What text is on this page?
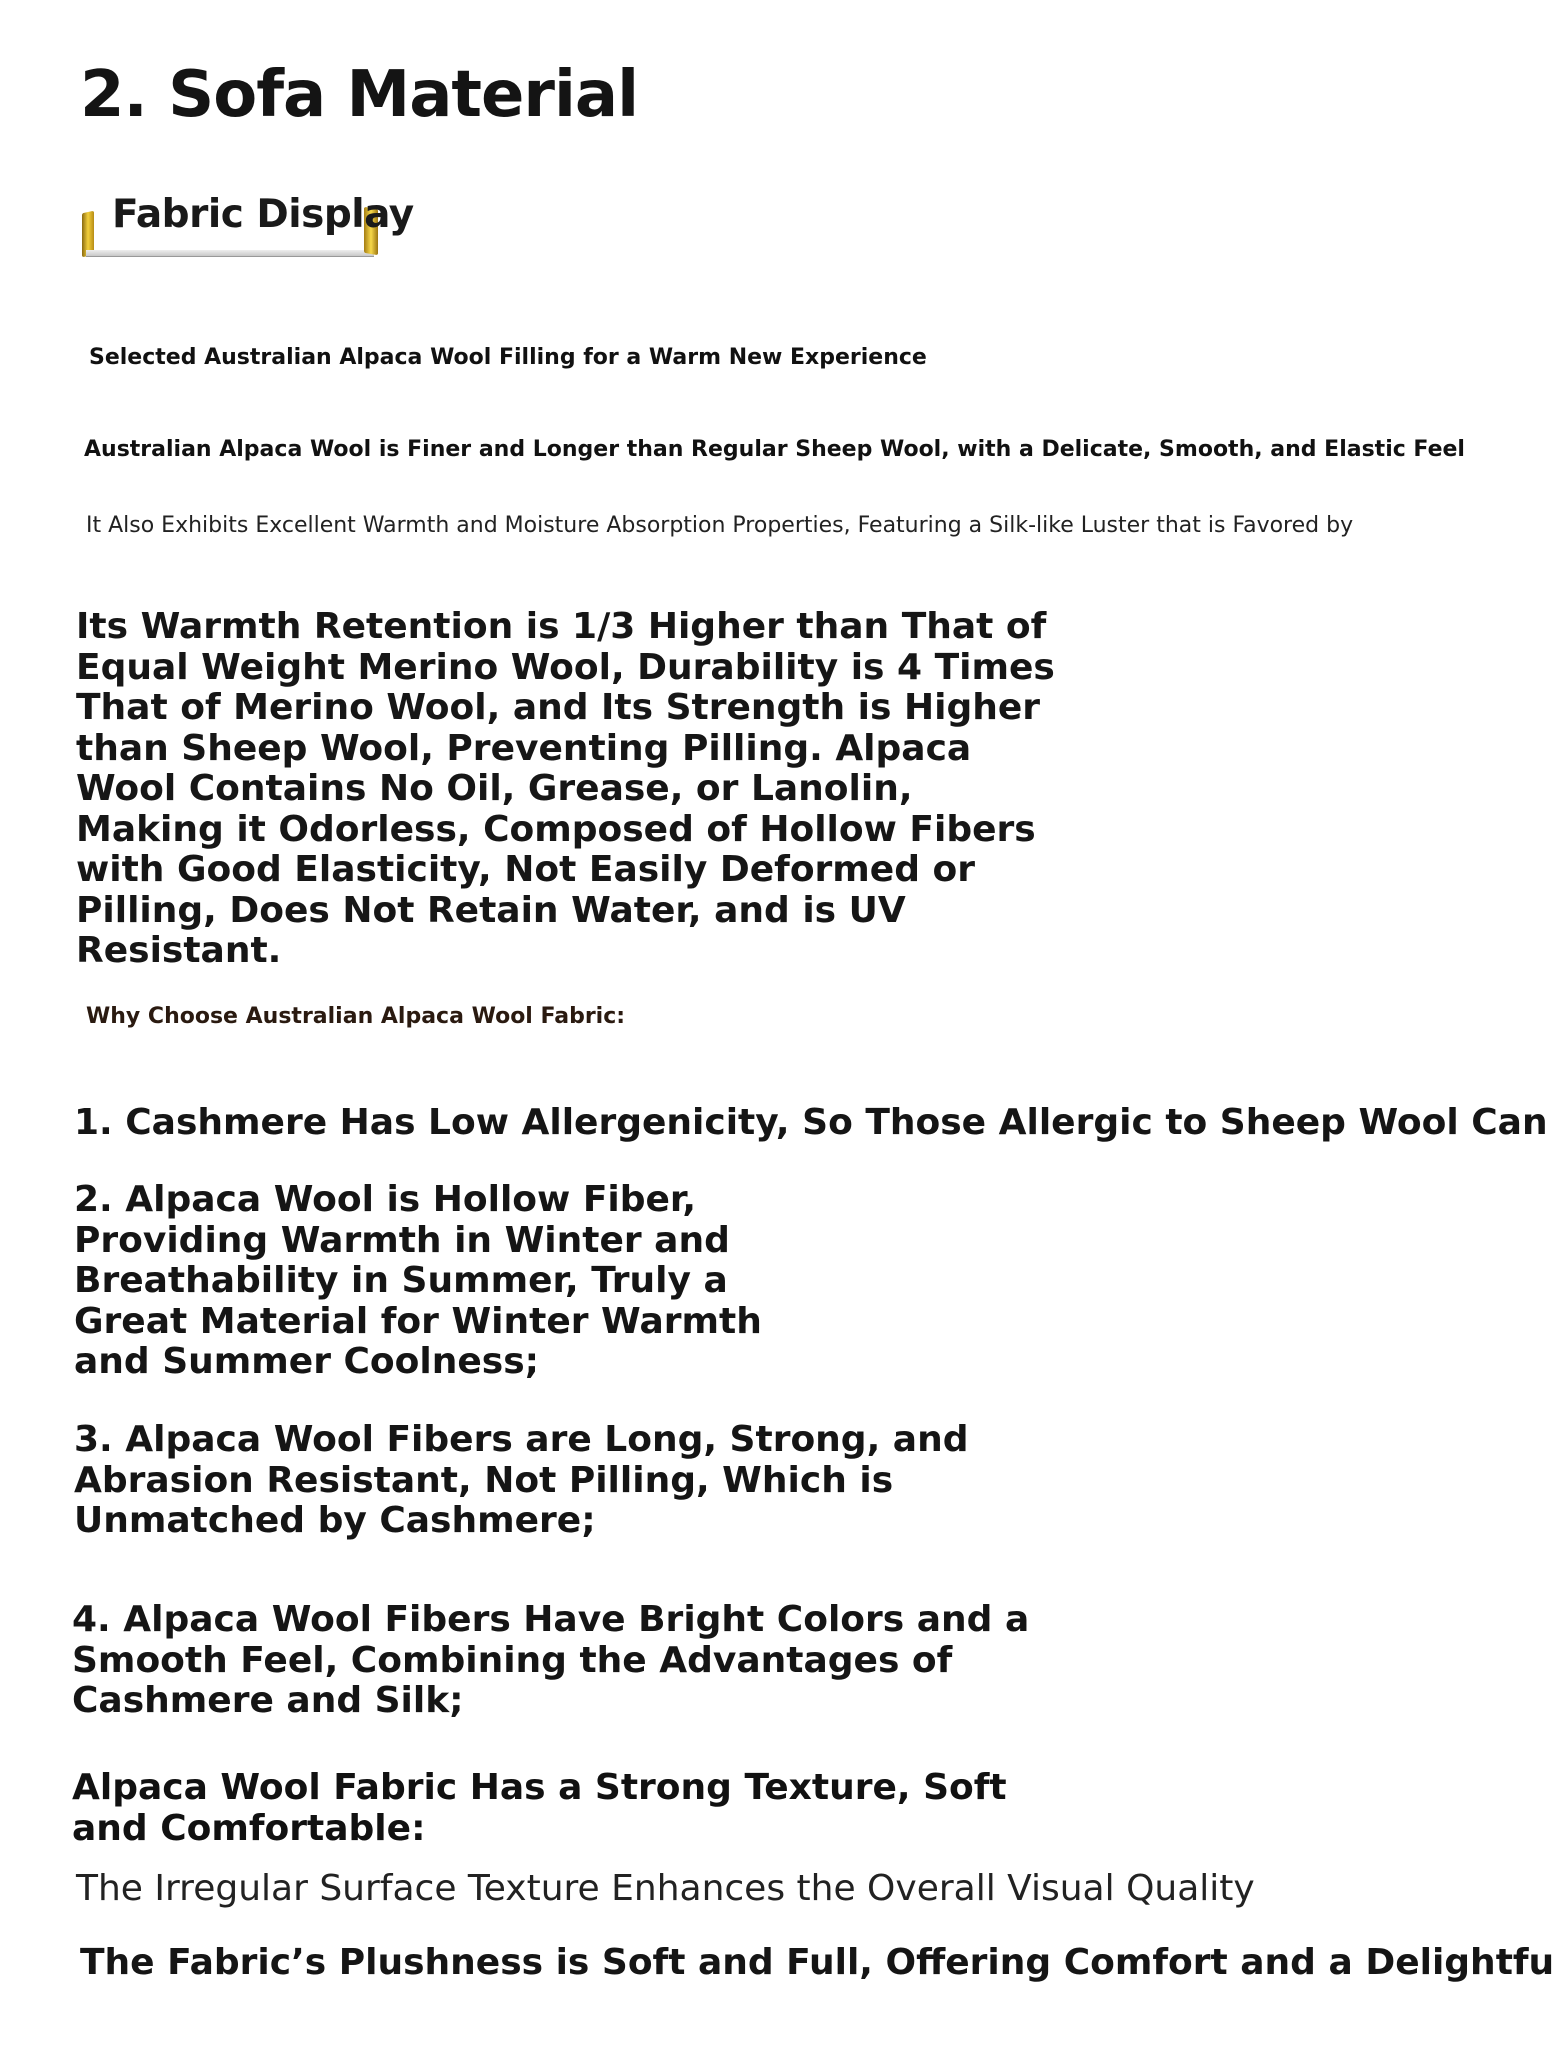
2. Sofa Material
Fabric Display
Selected Australian Alpaca Wool Filling for a Warm New Experience
Australian Alpaca Wool is Finer and Longer than Regular Sheep Wool, with a Delicate, Smooth, and Elastic Feel
It Also Exhibits Excellent Warmth and Moisture Absorption Properties, Featuring a Silk-like Luster that is Favored by
Its Warmth Retention is 1/3 Higher than That of Equal Weight Merino Wool, Durability is 4 Times That of Merino Wool, and Its Strength is Higher than Sheep Wool, Preventing Pilling. Alpaca Wool Contains No Oil, Grease, or Lanolin, Making it Odorless, Composed of Hollow Fibers with Good Elasticity, Not Easily Deformed or Pilling, Does Not Retain Water, and is UV Resistant.
Why Choose Australian Alpaca Wool Fabric:
1. Cashmere Has Low Allergenicity, So Those Allergic to Sheep Wool Can
2. Alpaca Wool is Hollow Fiber, Providing Warmth in Winter and Breathability in Summer, Truly a Great Material for Winter Warmth and Summer Coolness;
3. Alpaca Wool Fibers are Long, Strong, and Abrasion Resistant, Not Pilling, Which is Unmatched by Cashmere;
4. Alpaca Wool Fibers Have Bright Colors and a Smooth Feel, Combining the Advantages of Cashmere and Silk;
Alpaca Wool Fabric Has a Strong Texture, Soft and Comfortable:
The Irregular Surface Texture Enhances the Overall Visual Quality
The Fabric’s Plushness is Soft and Full, Offering Comfort and a Delightfu
